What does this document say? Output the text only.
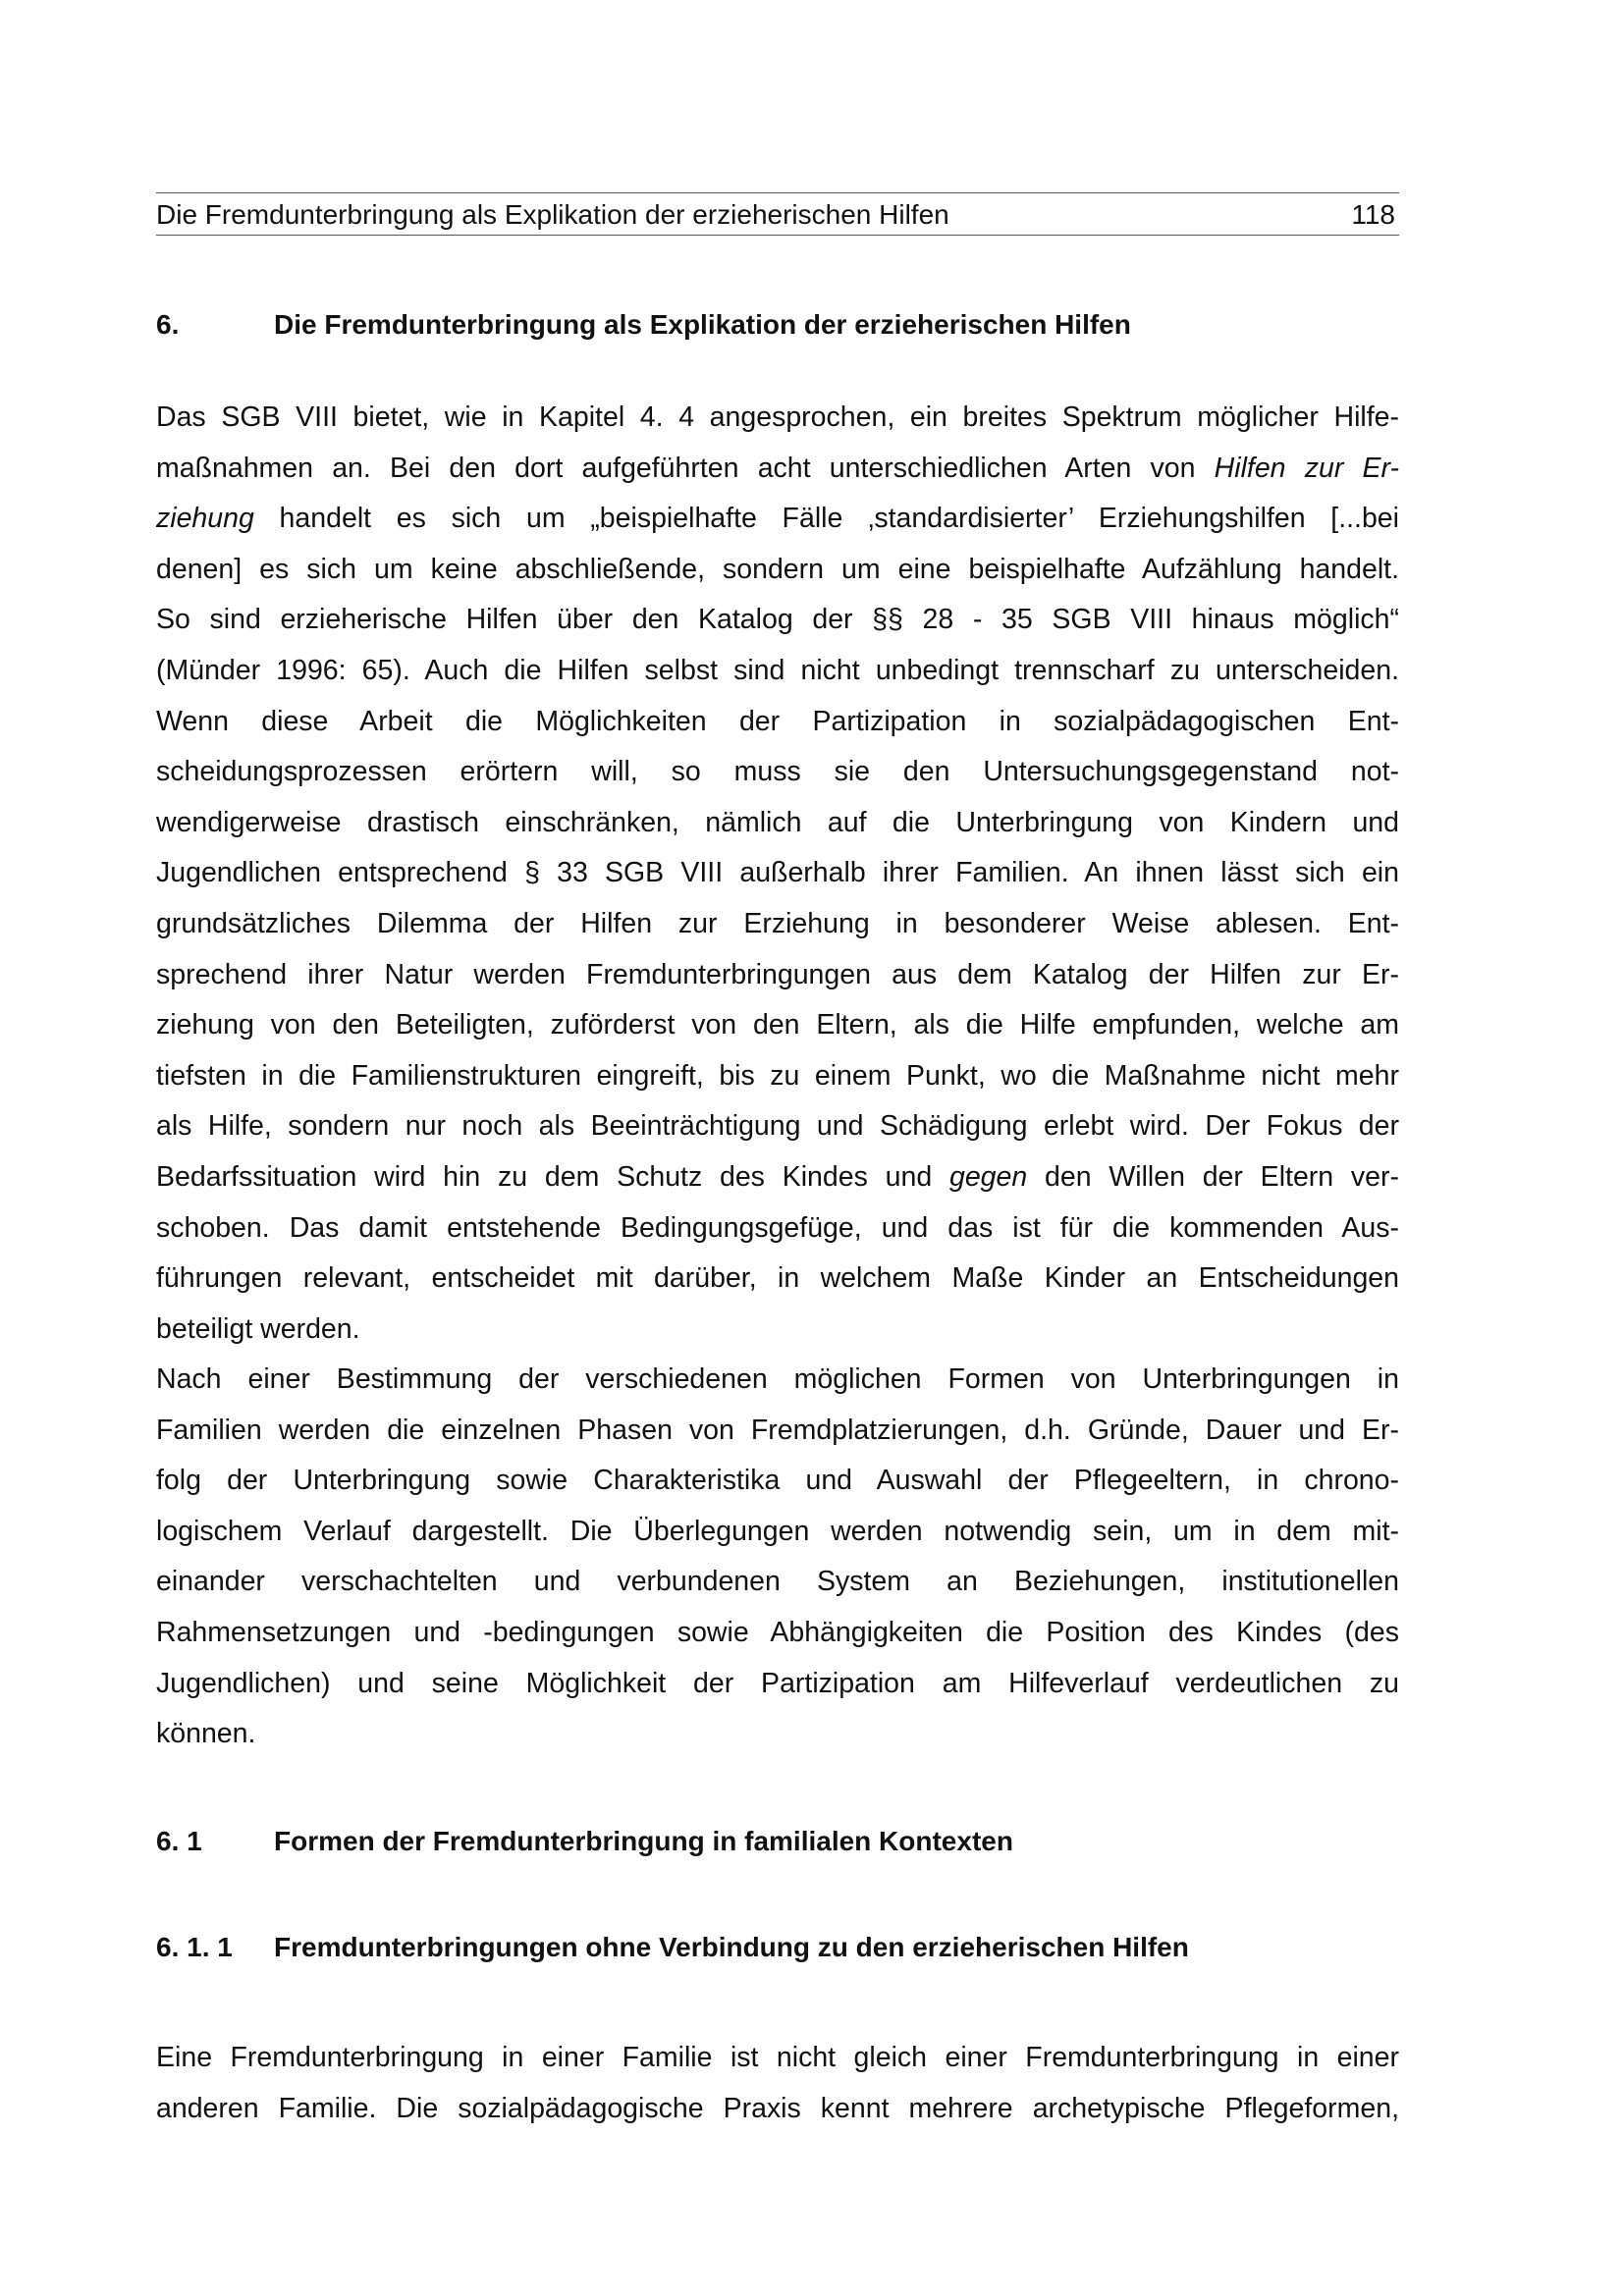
Die Fremdunterbringung als Explikation der erzieherischen Hilfen	118
6.	Die Fremdunterbringung als Explikation der erzieherischen Hilfen
Das SGB VIII bietet, wie in Kapitel 4. 4 angesprochen, ein breites Spektrum möglicher Hilfe-
maßnahmen an. Bei den dort aufgeführten acht unterschiedlichen Arten von Hilfen zur Er-
ziehung handelt es sich um „beispielhafte Fälle ‚standardisierter’ Erziehungshilfen [...bei
denen] es sich um keine abschließende, sondern um eine beispielhafte Aufzählung handelt.
So sind erzieherische Hilfen über den Katalog der §§ 28 - 35 SGB VIII hinaus möglich“
(Münder 1996: 65). Auch die Hilfen selbst sind nicht unbedingt trennscharf zu unterscheiden.
Wenn diese Arbeit die Möglichkeiten der Partizipation in sozialpädagogischen Ent-
scheidungsprozessen erörtern will, so muss sie den Untersuchungsgegenstand not-
wendigerweise drastisch einschränken, nämlich auf die Unterbringung von Kindern und
Jugendlichen entsprechend § 33 SGB VIII außerhalb ihrer Familien. An ihnen lässt sich ein
grundsätzliches Dilemma der Hilfen zur Erziehung in besonderer Weise ablesen. Ent-
sprechend ihrer Natur werden Fremdunterbringungen aus dem Katalog der Hilfen zur Er-
ziehung von den Beteiligten, zuförderst von den Eltern, als die Hilfe empfunden, welche am
tiefsten in die Familienstrukturen eingreift, bis zu einem Punkt, wo die Maßnahme nicht mehr
als Hilfe, sondern nur noch als Beeinträchtigung und Schädigung erlebt wird. Der Fokus der
Bedarfssituation wird hin zu dem Schutz des Kindes und gegen den Willen der Eltern ver-
schoben. Das damit entstehende Bedingungsgefüge, und das ist für die kommenden Aus-
führungen relevant, entscheidet mit darüber, in welchem Maße Kinder an Entscheidungen
beteiligt werden.
Nach einer Bestimmung der verschiedenen möglichen Formen von Unterbringungen in
Familien werden die einzelnen Phasen von Fremdplatzierungen, d.h. Gründe, Dauer und Er-
folg der Unterbringung sowie Charakteristika und Auswahl der Pflegeeltern, in chrono-
logischem Verlauf dargestellt. Die Überlegungen werden notwendig sein, um in dem mit-
einander verschachtelten und verbundenen System an Beziehungen, institutionellen
Rahmensetzungen und -bedingungen sowie Abhängigkeiten die Position des Kindes (des
Jugendlichen) und seine Möglichkeit der Partizipation am Hilfeverlauf verdeutlichen zu
können.
6. 1	Formen der Fremdunterbringung in familialen Kontexten
6. 1. 1 Fremdunterbringungen ohne Verbindung zu den erzieherischen Hilfen
Eine Fremdunterbringung in einer Familie ist nicht gleich einer Fremdunterbringung in einer
anderen Familie. Die sozialpädagogische Praxis kennt mehrere archetypische Pflegeformen,
